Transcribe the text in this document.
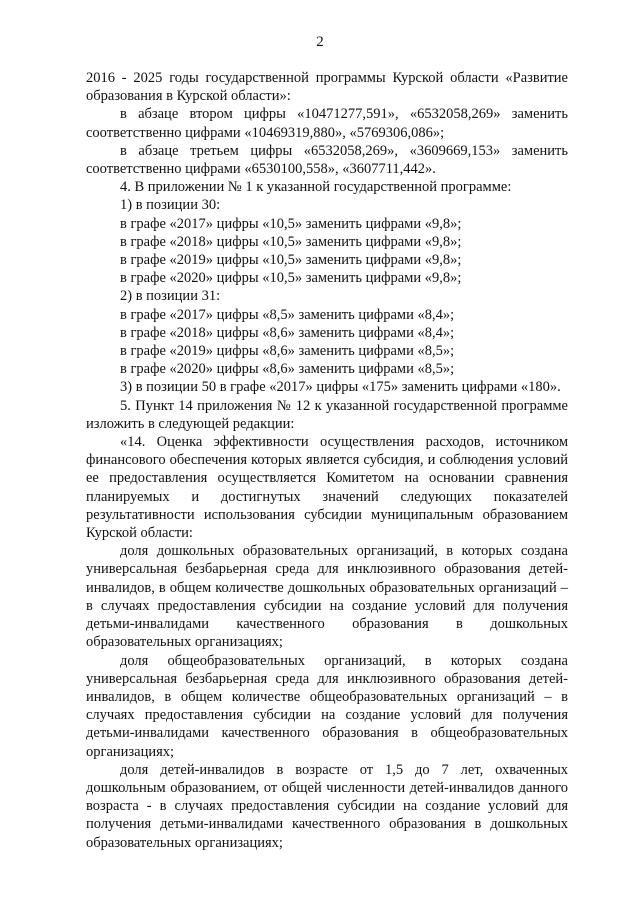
2

2016 - 2025 годы государственной программы Курской области «Развитие образования в Курской области»:

в абзаце втором цифры «10471277,591», «6532058,269» заменить соответственно цифрами «10469319,880», «5769306,086»;

в абзаце третьем цифры «6532058,269», «3609669,153» заменить соответственно цифрами «6530100,558», «3607711,442».

4. В приложении № 1 к указанной государственной программе:

1) в позиции 30:

в графе «2017» цифры «10,5» заменить цифрами «9,8»;

в графе «2018» цифры «10,5» заменить цифрами «9,8»;

в графе «2019» цифры «10,5» заменить цифрами «9,8»;

в графе «2020» цифры «10,5» заменить цифрами «9,8»;

2) в позиции 31:

в графе «2017» цифры «8,5» заменить цифрами «8,4»;

в графе «2018» цифры «8,6» заменить цифрами «8,4»;

в графе «2019» цифры «8,6» заменить цифрами «8,5»;

в графе «2020» цифры «8,6» заменить цифрами «8,5»;

3) в позиции 50 в графе «2017» цифры «175» заменить цифрами «180».

5. Пункт 14 приложения № 12 к указанной государственной программе изложить в следующей редакции:

«14. Оценка эффективности осуществления расходов, источником финансового обеспечения которых является субсидия, и соблюдения условий ее предоставления осуществляется Комитетом на основании сравнения планируемых и достигнутых значений следующих показателей результативности использования субсидии муниципальным образованием Курской области:

доля дошкольных образовательных организаций, в которых создана универсальная безбарьерная среда для инклюзивного образования детей-инвалидов, в общем количестве дошкольных образовательных организаций – в случаях предоставления субсидии на создание условий для получения детьми-инвалидами качественного образования в дошкольных образовательных организациях;

доля общеобразовательных организаций, в которых создана универсальная безбарьерная среда для инклюзивного образования детей-инвалидов, в общем количестве общеобразовательных организаций – в случаях предоставления субсидии на создание условий для получения детьми-инвалидами качественного образования в общеобразовательных организациях;

доля детей-инвалидов в возрасте от 1,5 до 7 лет, охваченных дошкольным образованием, от общей численности детей-инвалидов данного возраста - в случаях предоставления субсидии на создание условий для получения детьми-инвалидами качественного образования в дошкольных образовательных организациях;
